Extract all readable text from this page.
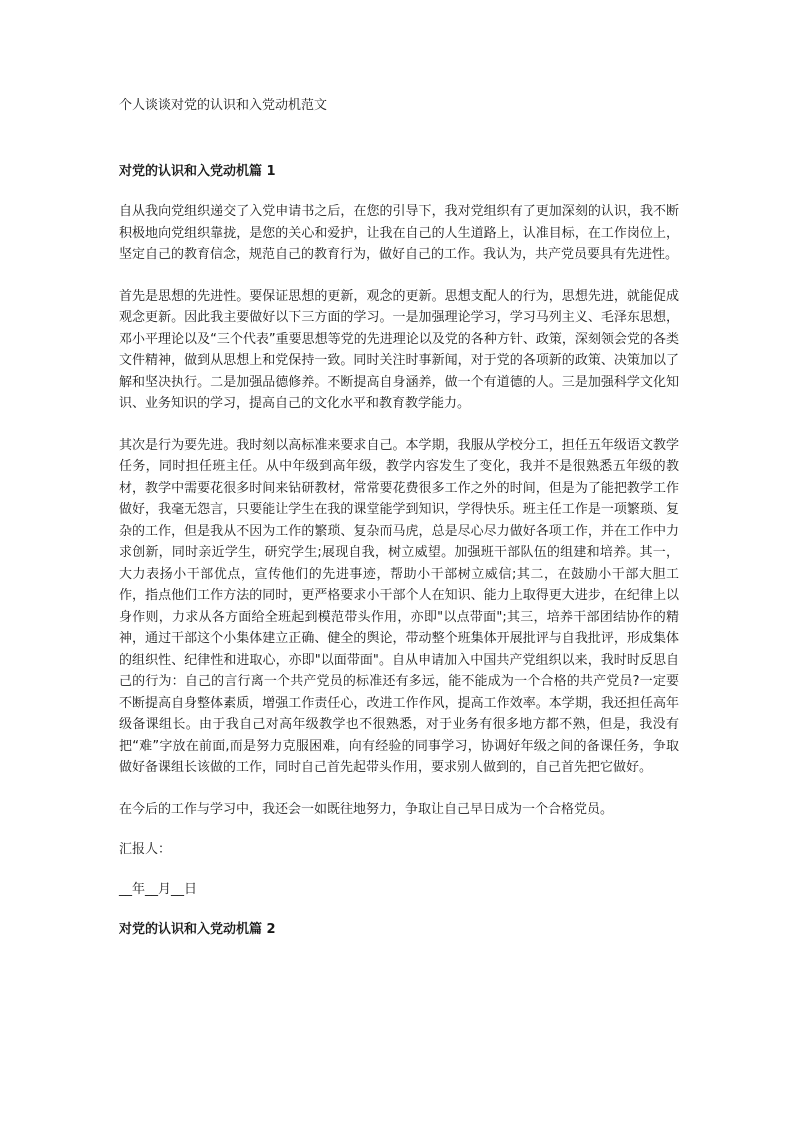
个人谈谈对党的认识和入党动机范文
对党的认识和入党动机篇 1

自从我向党组织递交了入党申请书之后，在您的引导下，我对党组织有了更加深刻的认识，我不断积极地向党组织靠拢，是您的关心和爱护，让我在自己的人生道路上，认准目标，在工作岗位上，坚定自己的教育信念，规范自己的教育行为，做好自己的工作。我认为，共产党员要具有先进性。

首先是思想的先进性。要保证思想的更新，观念的更新。思想支配人的行为，思想先进，就能促成观念更新。因此我主要做好以下三方面的学习。一是加强理论学习，学习马列主义、毛泽东思想，邓小平理论以及“三个代表”重要思想等党的先进理论以及党的各种方针、政策，深刻领会党的各类文件精神，做到从思想上和党保持一致。同时关注时事新闻，对于党的各项新的政策、决策加以了解和坚决执行。二是加强品德修养。不断提高自身涵养，做一个有道德的人。三是加强科学文化知识、业务知识的学习，提高自己的文化水平和教育教学能力。

其次是行为要先进。我时刻以高标准来要求自己。本学期，我服从学校分工，担任五年级语文教学任务，同时担任班主任。从中年级到高年级，教学内容发生了变化，我并不是很熟悉五年级的教材，教学中需要花很多时间来钻研教材，常常要花费很多工作之外的时间，但是为了能把教学工作做好，我毫无怨言，只要能让学生在我的课堂能学到知识，学得快乐。班主任工作是一项繁琐、复杂的工作，但是我从不因为工作的繁琐、复杂而马虎，总是尽心尽力做好各项工作，并在工作中力求创新，同时亲近学生，研究学生;展现自我，树立威望。加强班干部队伍的组建和培养。其一，大力表扬小干部优点，宣传他们的先进事迹，帮助小干部树立威信;其二，在鼓励小干部大胆工作，指点他们工作方法的同时，更严格要求小干部个人在知识、能力上取得更大进步，在纪律上以身作则，力求从各方面给全班起到模范带头作用，亦即"以点带面";其三，培养干部团结协作的精神，通过干部这个小集体建立正确、健全的舆论，带动整个班集体开展批评与自我批评，形成集体的组织性、纪律性和进取心，亦即"以面带面"。自从申请加入中国共产党组织以来，我时时反思自己的行为：自己的言行离一个共产党员的标准还有多远，能不能成为一个合格的共产党员?一定要不断提高自身整体素质，增强工作责任心，改进工作作风，提高工作效率。本学期，我还担任高年级备课组长。由于我自己对高年级教学也不很熟悉，对于业务有很多地方都不熟，但是，我没有把“难”字放在前面,而是努力克服困难，向有经验的同事学习，协调好年级之间的备课任务，争取做好备课组长该做的工作，同时自己首先起带头作用，要求别人做到的，自己首先把它做好。

在今后的工作与学习中，我还会一如既往地努力，争取让自己早日成为一个合格党员。

汇报人：
__年__月__日
对党的认识和入党动机篇 2
